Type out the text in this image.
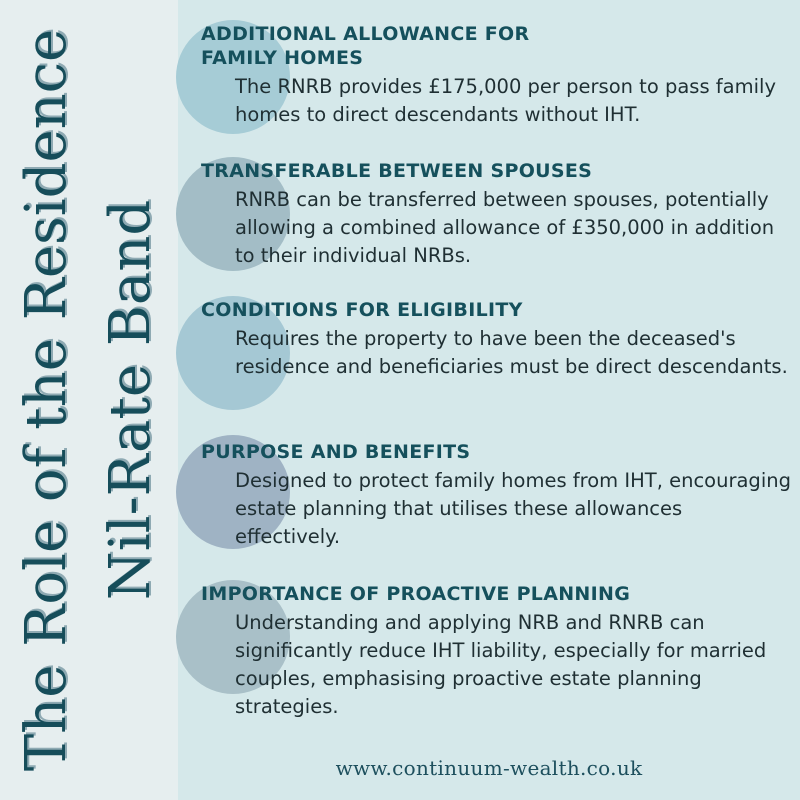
The Role of the Residence Nil-Rate Band
ADDITIONAL ALLOWANCE FOR FAMILY HOMES
The RNRB provides £175,000 per person to pass family homes to direct descendants without IHT.
TRANSFERABLE BETWEEN SPOUSES
RNRB can be transferred between spouses, potentially allowing a combined allowance of £350,000 in addition to their individual NRBs.
CONDITIONS FOR ELIGIBILITY
Requires the property to have been the deceased's residence and beneficiaries must be direct descendants.
PURPOSE AND BENEFITS
Designed to protect family homes from IHT, encouraging estate planning that utilises these allowances effectively.
IMPORTANCE OF PROACTIVE PLANNING
Understanding and applying NRB and RNRB can significantly reduce IHT liability, especially for married couples, emphasising proactive estate planning strategies.
www.continuum-wealth.co.uk
